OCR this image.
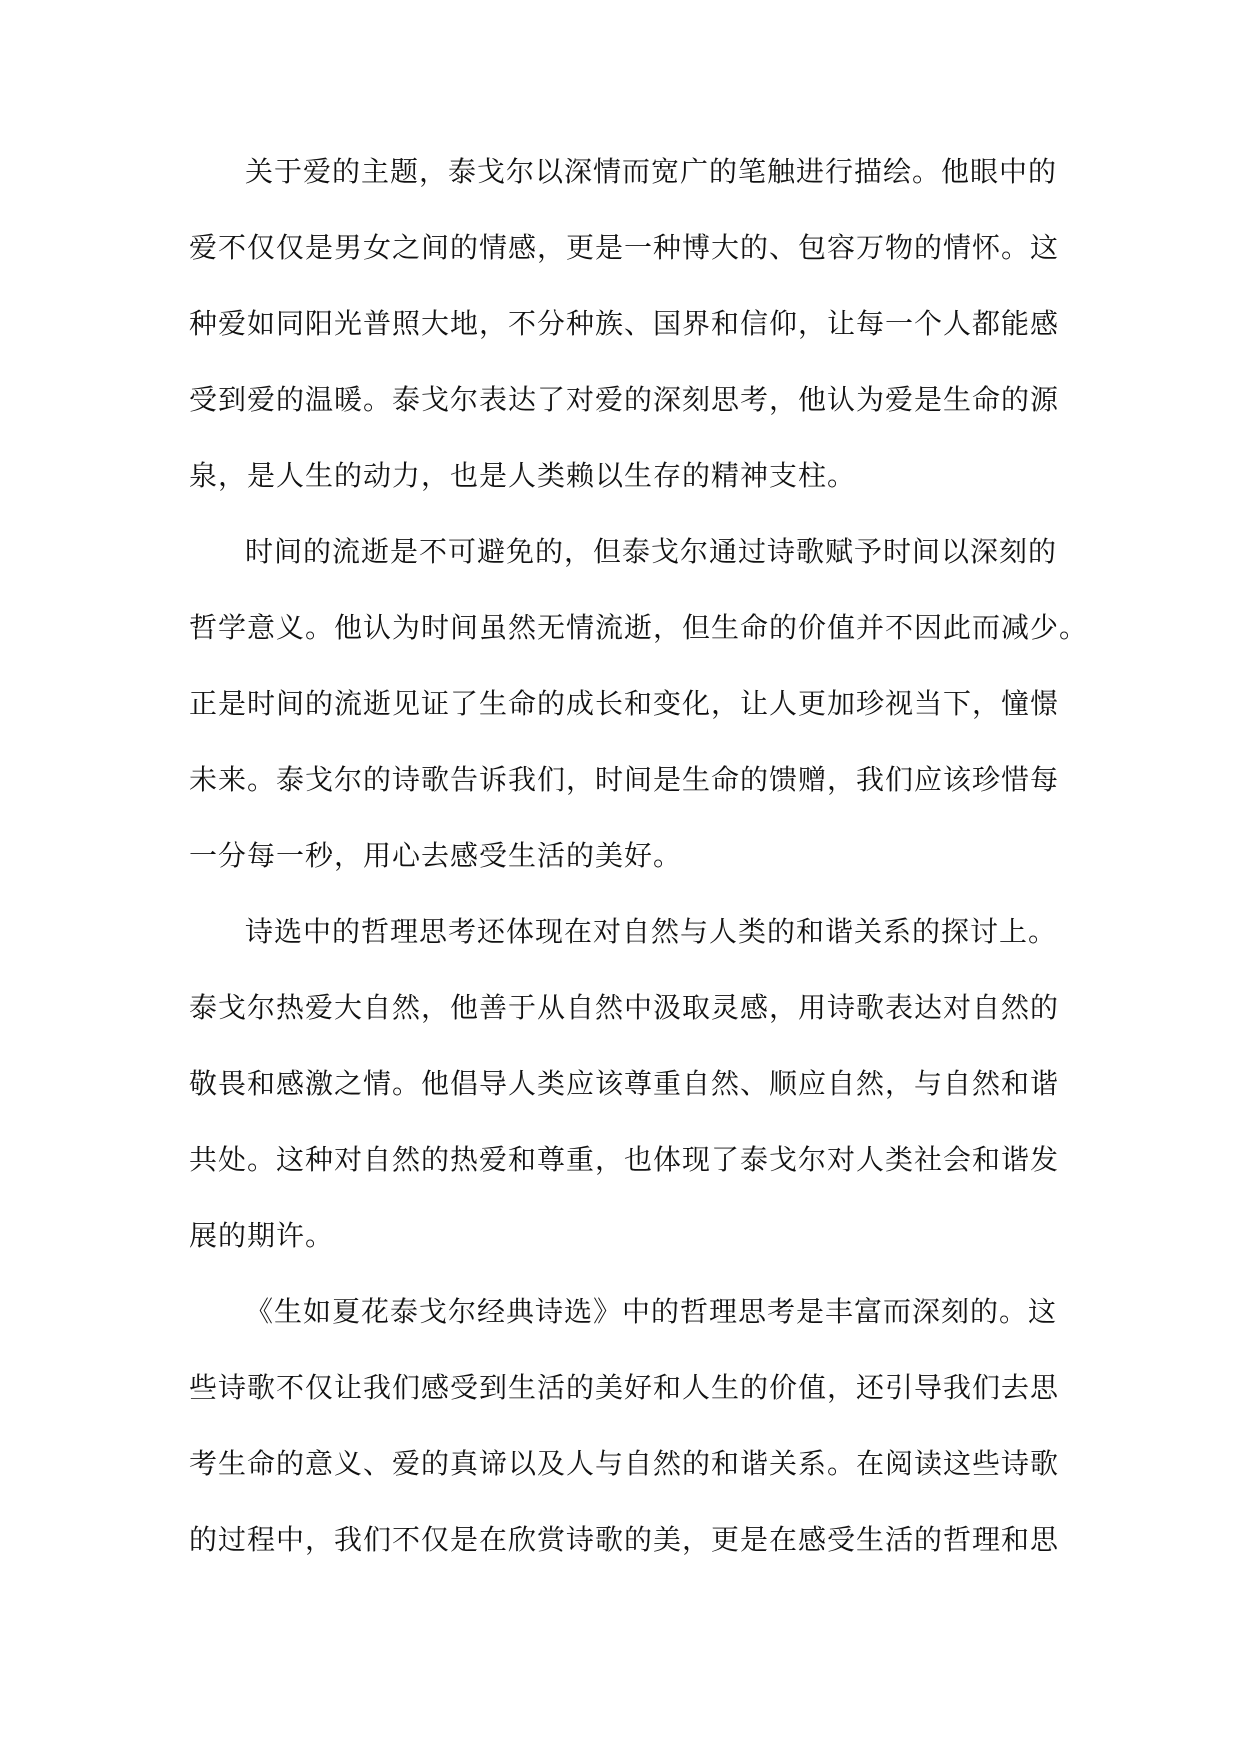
关于爱的主题，泰戈尔以深情而宽广的笔触进行描绘。他眼中的
爱不仅仅是男女之间的情感，更是一种博大的、包容万物的情怀。这
种爱如同阳光普照大地，不分种族、国界和信仰，让每一个人都能感
受到爱的温暖。泰戈尔表达了对爱的深刻思考，他认为爱是生命的源
泉，是人生的动力，也是人类赖以生存的精神支柱。

时间的流逝是不可避免的，但泰戈尔通过诗歌赋予时间以深刻的
哲学意义。他认为时间虽然无情流逝，但生命的价值并不因此而减少。
正是时间的流逝见证了生命的成长和变化，让人更加珍视当下，憧憬
未来。泰戈尔的诗歌告诉我们，时间是生命的馈赠，我们应该珍惜每
一分每一秒，用心去感受生活的美好。

诗选中的哲理思考还体现在对自然与人类的和谐关系的探讨上。
泰戈尔热爱大自然，他善于从自然中汲取灵感，用诗歌表达对自然的
敬畏和感激之情。他倡导人类应该尊重自然、顺应自然，与自然和谐
共处。这种对自然的热爱和尊重，也体现了泰戈尔对人类社会和谐发
展的期许。

《生如夏花泰戈尔经典诗选》中的哲理思考是丰富而深刻的。这
些诗歌不仅让我们感受到生活的美好和人生的价值，还引导我们去思
考生命的意义、爱的真谛以及人与自然的和谐关系。在阅读这些诗歌
的过程中，我们不仅是在欣赏诗歌的美，更是在感受生活的哲理和思
